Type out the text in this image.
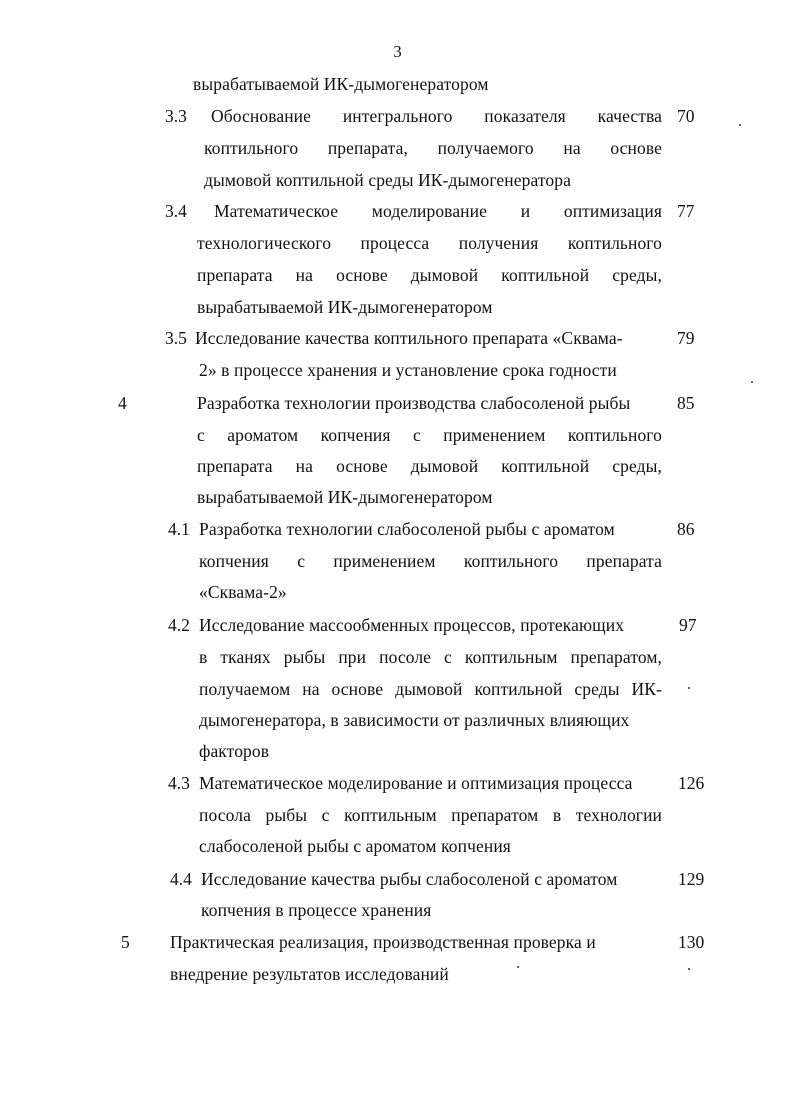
3
вырабатываемой ИК-дымогенератором
3.3 Обоснование интегрального показателя качества
коптильного препарата, получаемого на основе
дымовой коптильной среды ИК-дымогенератора
70
3.4 Математическое моделирование и оптимизация
технологического процесса получения коптильного
препарата на основе дымовой коптильной среды,
вырабатываемой ИК-дымогенератором
77
3.5 Исследование качества коптильного препарата «Сквама-
2» в процессе хранения и установление срока годности
79
4	Разработка технологии производства слабосоленой рыбы
с ароматом копчения с применением коптильного
препарата на основе дымовой коптильной среды,
вырабатываемой ИК-дымогенератором
85
4.1 Разработка технологии слабосоленой рыбы с ароматом
копчения с применением коптильного препарата
«Сквама-2»
86
4.2 Исследование массообменных процессов, протекающих
в тканях рыбы при посоле с коптильным препаратом,
получаемом на основе дымовой коптильной среды ИК-
дымогенератора, в зависимости от различных влияющих
факторов
97
4.3 Математическое моделирование и оптимизация процесса
посола рыбы с коптильным препаратом в технологии
слабосоленой рыбы с ароматом копчения
126
4.4 Исследование качества рыбы слабосоленой с ароматом
копчения в процессе хранения
129
5 Практическая реализация, производственная проверка и
внедрение результатов исследований
130
